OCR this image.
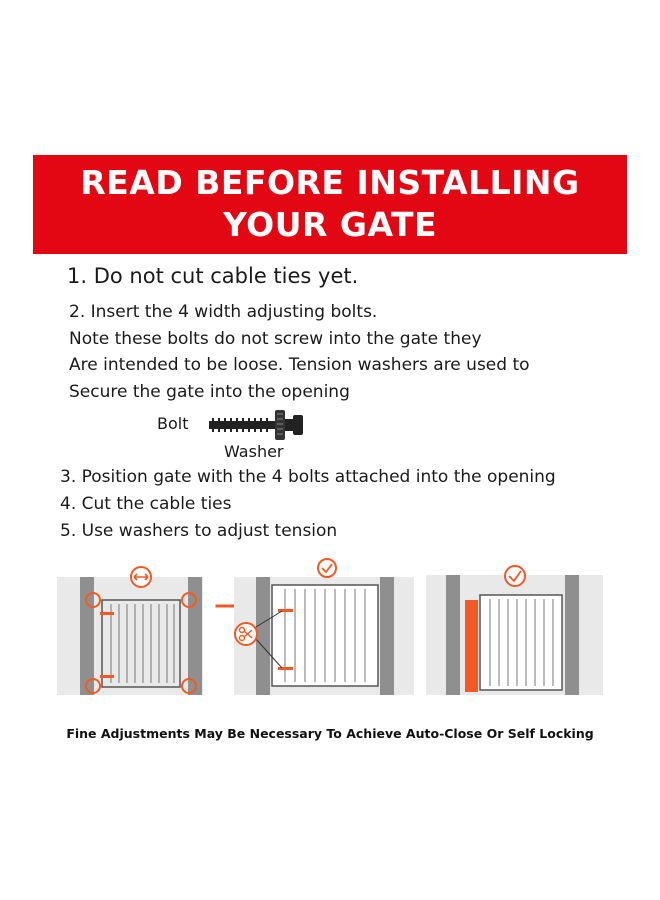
READ BEFORE INSTALLING
YOUR GATE
1. Do not cut cable ties yet.
2. Insert the 4 width adjusting bolts.
Note these bolts do not screw into the gate they
Are intended to be loose. Tension washers are used to
Secure the gate into the opening
Bolt
Washer
3. Position gate with the 4 bolts attached into the opening
4. Cut the cable ties
5. Use washers to adjust tension
Fine Adjustments May Be Necessary To Achieve Auto-Close Or Self Locking
